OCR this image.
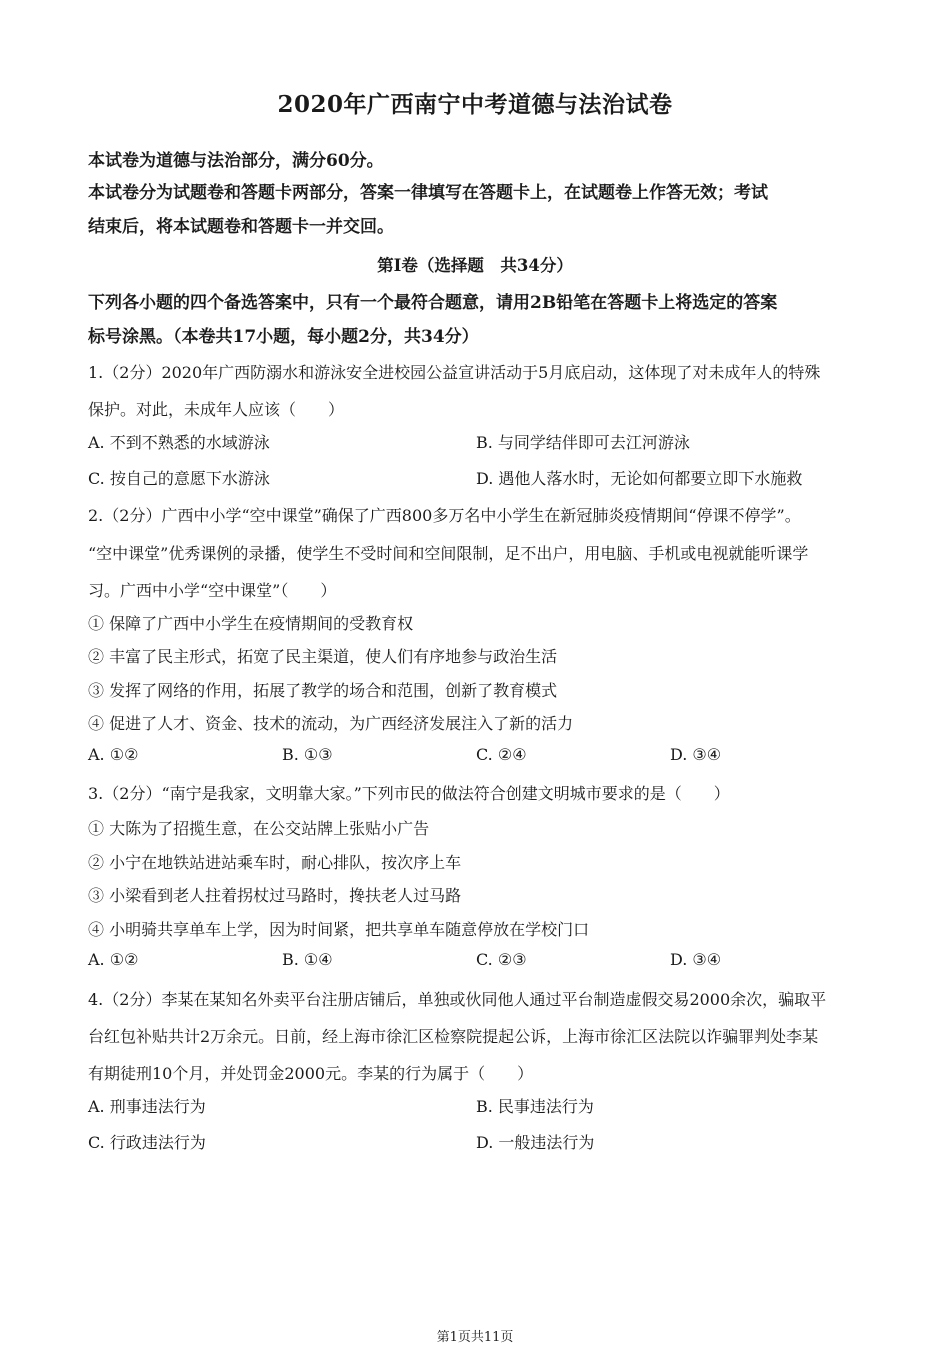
2020年广西南宁中考道德与法治试卷
本试卷为道德与法治部分，满分60分。
本试卷分为试题卷和答题卡两部分，答案一律填写在答题卡上，在试题卷上作答无效；考试
结束后，将本试题卷和答题卡一并交回。
第Ⅰ卷（选择题　共34分）
下列各小题的四个备选答案中，只有一个最符合题意，请用2B铅笔在答题卡上将选定的答案
标号涂黑。（本卷共17小题，每小题2分，共34分）
1.（2分）2020年广西防溺水和游泳安全进校园公益宣讲活动于5月底启动，这体现了对未成年人的特殊
保护。对此，未成年人应该（　　）
A. 不到不熟悉的水域游泳	B. 与同学结伴即可去江河游泳
C. 按自己的意愿下水游泳	D. 遇他人落水时，无论如何都要立即下水施救
2.（2分）广西中小学“空中课堂”确保了广西800多万名中小学生在新冠肺炎疫情期间“停课不停学”。
“空中课堂”优秀课例的录播，使学生不受时间和空间限制，足不出户，用电脑、手机或电视就能听课学
习。广西中小学“空中课堂”（　　）
① 保障了广西中小学生在疫情期间的受教育权
② 丰富了民主形式，拓宽了民主渠道，使人们有序地参与政治生活
③ 发挥了网络的作用，拓展了教学的场合和范围，创新了教育模式
④ 促进了人才、资金、技术的流动，为广西经济发展注入了新的活力
A. ①②	B. ①③	C. ②④	D. ③④
3.（2分）“南宁是我家，文明靠大家。”下列市民的做法符合创建文明城市要求的是（　　）
① 大陈为了招揽生意，在公交站牌上张贴小广告
② 小宁在地铁站进站乘车时，耐心排队，按次序上车
③ 小梁看到老人拄着拐杖过马路时，搀扶老人过马路
④ 小明骑共享单车上学，因为时间紧，把共享单车随意停放在学校门口
A. ①②	B. ①④	C. ②③	D. ③④
4.（2分）李某在某知名外卖平台注册店铺后，单独或伙同他人通过平台制造虚假交易2000余次，骗取平
台红包补贴共计2万余元。日前，经上海市徐汇区检察院提起公诉，上海市徐汇区法院以诈骗罪判处李某
有期徒刑10个月，并处罚金2000元。李某的行为属于（　　）
A. 刑事违法行为	B. 民事违法行为
C. 行政违法行为	D. 一般违法行为
第1页共11页
